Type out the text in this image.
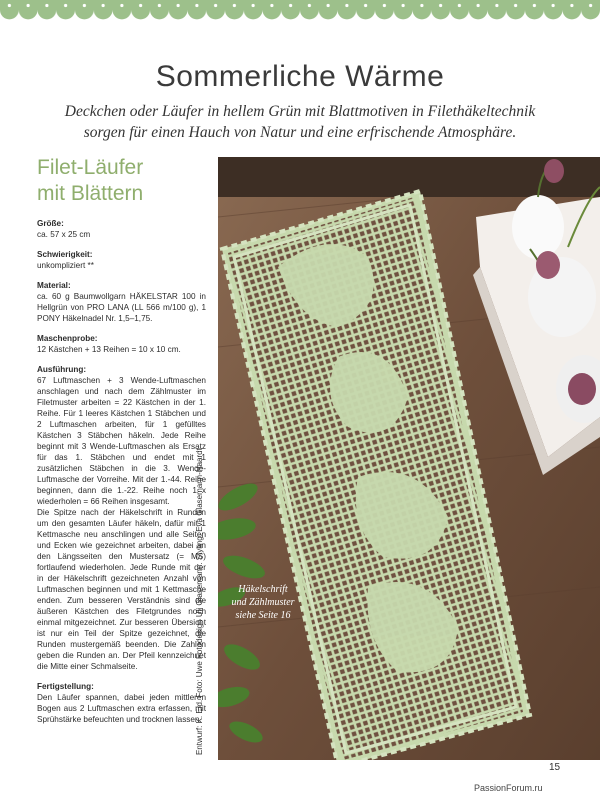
Sommerliche Wärme

Deckchen oder Läufer in hellem Grün mit Blattmotiven in Filethäkeltechnik
sorgen für einen Hauch von Natur und eine erfrischende Atmosphäre.

Filet-Läufer
mit Blättern
Größe:
ca. 57 x 25 cm
Schwierigkeit:
unkompliziert **
Material:
ca. 60 g Baumwollgarn HÄKELSTAR 100 in Hellgrün von PRO LANA (LL 566 m/100 g), 1 PONY Häkelnadel Nr. 1,5–1,75.
Maschenprobe:
12 Kästchen + 13 Reihen = 10 x 10 cm.
Ausführung:
67 Luftmaschen + 3 Wende-Luftmaschen anschlagen und nach dem Zählmuster im Filetmuster arbeiten = 22 Kästchen in der 1. Reihe. Für 1 leeres Kästchen 1 Stäbchen und 2 Luftmaschen arbeiten, für 1 gefülltes Kästchen 3 Stäbchen häkeln. Jede Reihe beginnt mit 3 Wende-Luftmaschen als Ersatz für das 1. Stäbchen und endet mit 1 zusätzlichen Stäbchen in die 3. Wende-Luftmasche der Vorreihe. Mit der 1.-44. Reihe beginnen, dann die 1.-22. Reihe noch 1 x wiederholen = 66 Reihen insgesamt.
Die Spitze nach der Häkelschrift in Runden um den gesamten Läufer häkeln, dafür mit 1 Kettmasche neu anschlingen und alle Seiten und Ecken wie gezeichnet arbeiten, dabei an den Längsseiten den Mustersatz (= MS) fortlaufend wiederholen. Jede Runde mit der in der Häkelschrift gezeichneten Anzahl von Luftmaschen beginnen und mit 1 Kettmasche enden. Zum besseren Verständnis sind die äußeren Kästchen des Filetgrundes noch einmal mitgezeichnet. Zur besseren Übersicht ist nur ein Teil der Spitze gezeichnet, die Runden mustergemäß beenden. Die Zahlen geben die Runden an. Der Pfeil kennzeichnet die Mitte einer Schmalseite.
Fertigstellung:
Den Läufer spannen, dabei jeden mittleren Bogen aus 2 Luftmaschen extra erfassen, mit Sprühstärke befeuchten und trocknen lassen.
Entwurf: K. Eid. Foto: Uwe Fotodesign Uli Glasemann. Styling: Eva Glasemann-Haardt	Häkelschrift
und Zählmuster
siehe Seite 16
15
PassionForum.ru
